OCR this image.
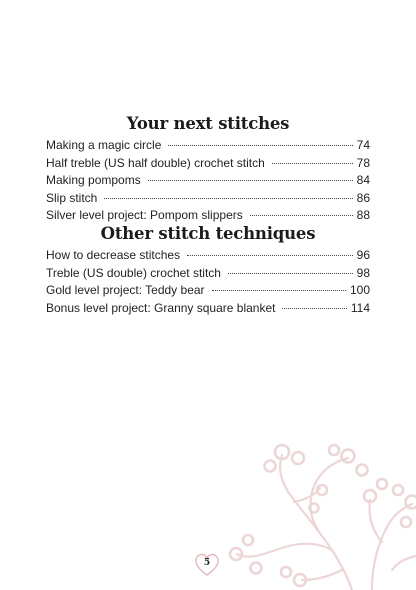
Your next stitches
Making a magic circle	74
Half treble (US half double) crochet stitch	78
Making pompoms	84
Slip stitch	86
Silver level project: Pompom slippers	88
Other stitch techniques
How to decrease stitches	96
Treble (US double) crochet stitch	98
Gold level project: Teddy bear	100
Bonus level project: Granny square blanket	114
5
